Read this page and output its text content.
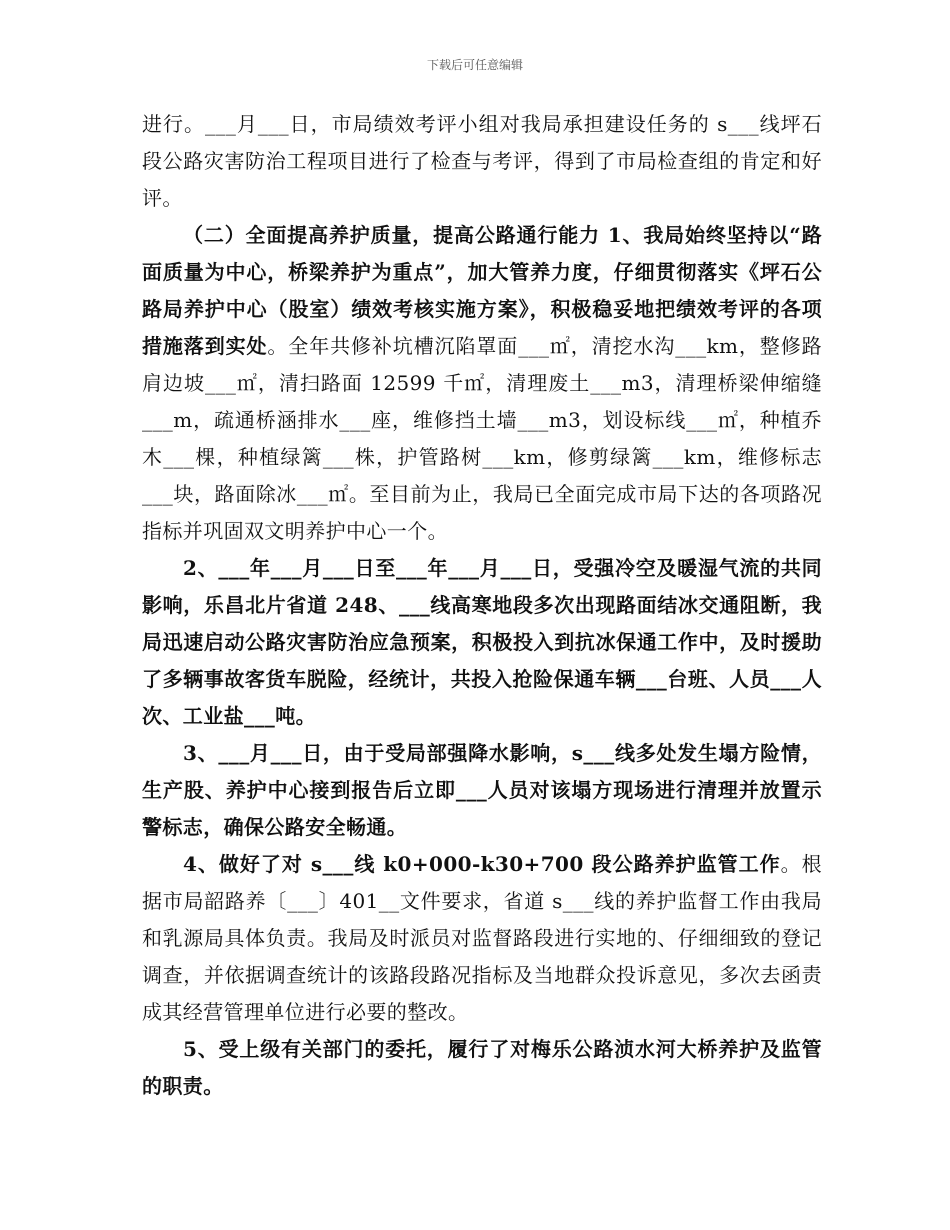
下载后可任意编辑

进行。___月___日，市局绩效考评小组对我局承担建设任务的 s___线坪石段公路灾害防治工程项目进行了检查与考评，得到了市局检查组的肯定和好评。

（二）全面提高养护质量，提高公路通行能力 1、我局始终坚持以“路面质量为中心，桥梁养护为重点”，加大管养力度，仔细贯彻落实《坪石公路局养护中心（股室）绩效考核实施方案》，积极稳妥地把绩效考评的各项措施落到实处。全年共修补坑槽沉陷罩面___㎡，清挖水沟___km，整修路肩边坡___㎡，清扫路面 12599 千㎡，清理废土___m3，清理桥梁伸缩缝___m，疏通桥涵排水___座，维修挡土墙___m3，划设标线___㎡，种植乔木___棵，种植绿篱___株，护管路树___km，修剪绿篱___km，维修标志___块，路面除冰___㎡。至目前为止，我局已全面完成市局下达的各项路况指标并巩固双文明养护中心一个。

2、___年___月___日至___年___月___日，受强冷空及暖湿气流的共同影响，乐昌北片省道 248、___线高寒地段多次出现路面结冰交通阻断，我局迅速启动公路灾害防治应急预案，积极投入到抗冰保通工作中，及时援助了多辆事故客货车脱险，经统计，共投入抢险保通车辆___台班、人员___人次、工业盐___吨。

3、___月___日，由于受局部强降水影响，s___线多处发生塌方险情，生产股、养护中心接到报告后立即___人员对该塌方现场进行清理并放置示警标志，确保公路安全畅通。

4、做好了对 s___线 k0+000-k30+700 段公路养护监管工作。根据市局韶路养〔___〕401__文件要求，省道 s___线的养护监督工作由我局和乳源局具体负责。我局及时派员对监督路段进行实地的、仔细细致的登记调查，并依据调查统计的该路段路况指标及当地群众投诉意见，多次去函责成其经营管理单位进行必要的整改。

5、受上级有关部门的委托，履行了对梅乐公路浈水河大桥养护及监管的职责。
